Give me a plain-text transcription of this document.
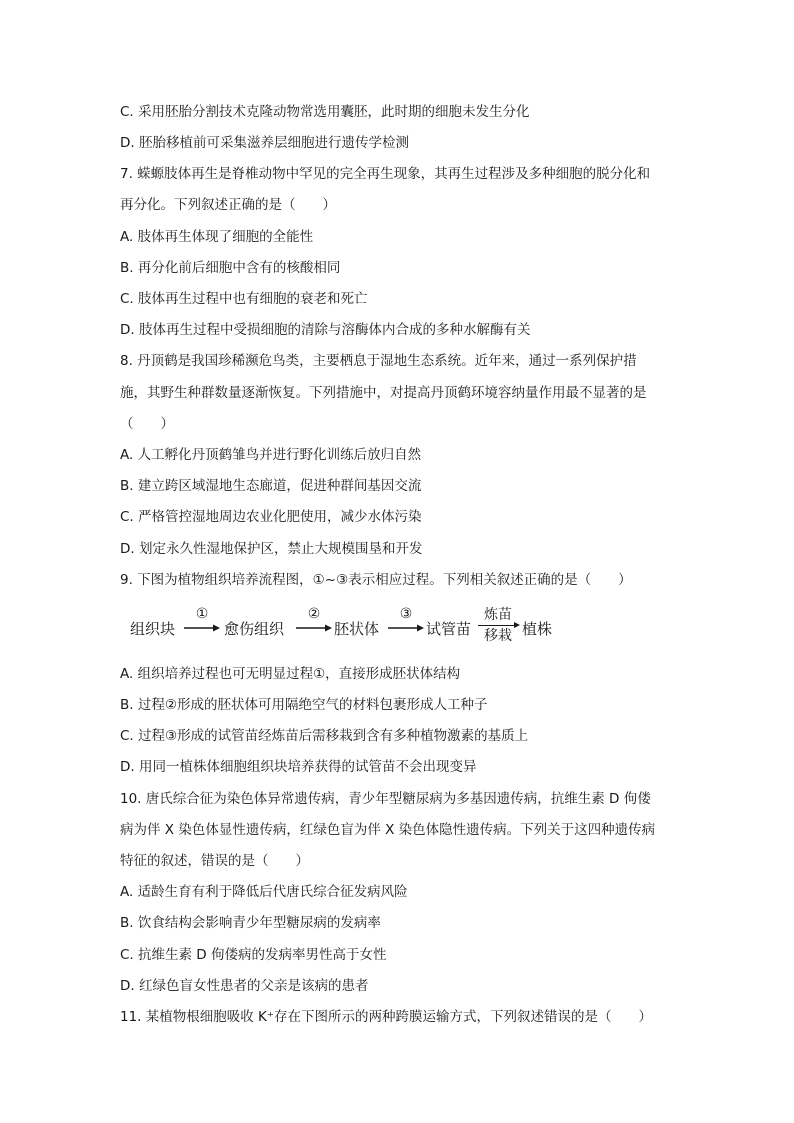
C. 采用胚胎分割技术克隆动物常选用囊胚，此时期的细胞未发生分化
D. 胚胎移植前可采集滋养层细胞进行遗传学检测
7. 蝾螈肢体再生是脊椎动物中罕见的完全再生现象，其再生过程涉及多种细胞的脱分化和
再分化。下列叙述正确的是（　　）
A. 肢体再生体现了细胞的全能性
B. 再分化前后细胞中含有的核酸相同
C. 肢体再生过程中也有细胞的衰老和死亡
D. 肢体再生过程中受损细胞的清除与溶酶体内合成的多种水解酶有关
8. 丹顶鹤是我国珍稀濒危鸟类，主要栖息于湿地生态系统。近年来，通过一系列保护措
施，其野生种群数量逐渐恢复。下列措施中，对提高丹顶鹤环境容纳量作用最不显著的是
（　　）
A. 人工孵化丹顶鹤雏鸟并进行野化训练后放归自然
B. 建立跨区域湿地生态廊道，促进种群间基因交流
C. 严格管控湿地周边农业化肥使用，减少水体污染
D. 划定永久性湿地保护区，禁止大规模围垦和开发
9. 下图为植物组织培养流程图，①~③表示相应过程。下列相关叙述正确的是（　　）
组织块
①
愈伤组织
②
胚状体
③
试管苗
炼苗
移栽 植株
A. 组织培养过程也可无明显过程①，直接形成胚状体结构
B. 过程②形成的胚状体可用隔绝空气的材料包裹形成人工种子
C. 过程③形成的试管苗经炼苗后需移栽到含有多种植物激素的基质上
D. 用同一植株体细胞组织块培养获得的试管苗不会出现变异
10. 唐氏综合征为染色体异常遗传病，青少年型糖尿病为多基因遗传病，抗维生素 D 佝偻
病为伴 X 染色体显性遗传病，红绿色盲为伴 X 染色体隐性遗传病。下列关于这四种遗传病
特征的叙述，错误的是（　　）
A. 适龄生育有利于降低后代唐氏综合征发病风险
B. 饮食结构会影响青少年型糖尿病的发病率
C. 抗维生素 D 佝偻病的发病率男性高于女性
D. 红绿色盲女性患者的父亲是该病的患者
11. 某植物根细胞吸收 K⁺存在下图所示的两种跨膜运输方式，下列叙述错误的是（　　）
